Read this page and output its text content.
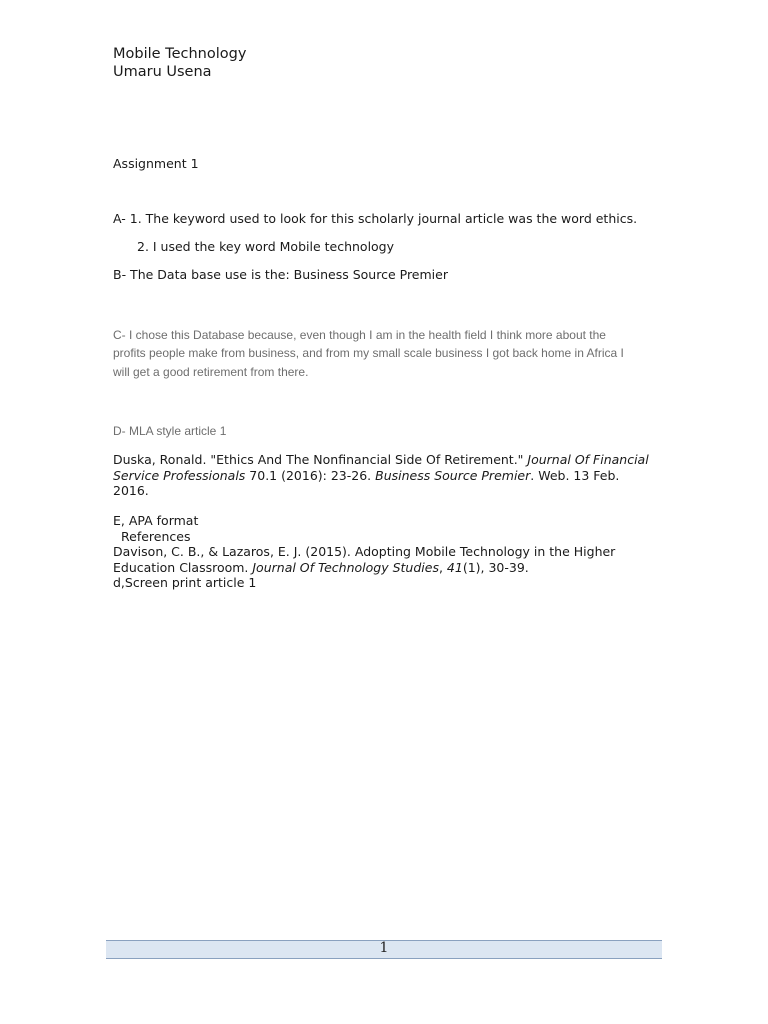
Mobile Technology
Umaru Usena
Assignment 1
A- 1. The keyword used to look for this scholarly journal article was the word ethics.
2. I used the key word Mobile technology
B- The Data base use is the: Business Source Premier
C- I chose this Database because, even though I am in the health field I think more about the
profits people make from business, and from my small scale business I got back home in Africa I
will get a good retirement from there.
D- MLA style article 1
Duska, Ronald. "Ethics And The Nonfinancial Side Of Retirement." Journal Of Financial
Service Professionals 70.1 (2016): 23-26. Business Source Premier. Web. 13 Feb.
2016.
E, APA format
References
Davison, C. B., & Lazaros, E. J. (2015). Adopting Mobile Technology in the Higher
Education Classroom. Journal Of Technology Studies, 41(1), 30-39.
d,Screen print article 1
1
